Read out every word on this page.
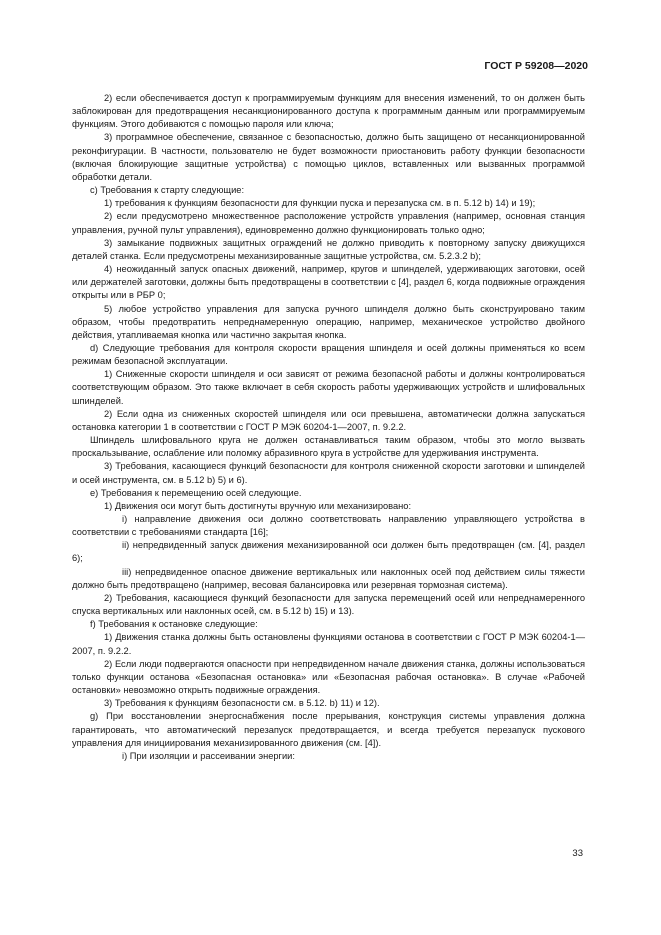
ГОСТ Р 59208—2020

2) если обеспечивается доступ к программируемым функциям для внесения изменений, то он должен быть заблокирован для предотвращения несанкционированного доступа к программным данным или программируемым функциям. Этого добиваются с помощью пароля или ключа;

3) программное обеспечение, связанное с безопасностью, должно быть защищено от несанкционированной реконфигурации. В частности, пользователю не будет возможности приостановить работу функции безопасности (включая блокирующие защитные устройства) с помощью циклов, вставленных или вызванных программой обработки детали.

c) Требования к старту следующие:

1) требования к функциям безопасности для функции пуска и перезапуска см. в п. 5.12 b) 14) и 19);

2) если предусмотрено множественное расположение устройств управления (например, основная станция управления, ручной пульт управления), единовременно должно функционировать только одно;

3) замыкание подвижных защитных ограждений не должно приводить к повторному запуску движущихся деталей станка. Если предусмотрены механизированные защитные устройства, см. 5.2.3.2 b);

4) неожиданный запуск опасных движений, например, кругов и шпинделей, удерживающих заготовки, осей или держателей заготовки, должны быть предотвращены в соответствии с [4], раздел 6, когда подвижные ограждения открыты или в РБР 0;

5) любое устройство управления для запуска ручного шпинделя должно быть сконструировано таким образом, чтобы предотвратить непреднамеренную операцию, например, механическое устройство двойного действия, утапливаемая кнопка или частично закрытая кнопка.

d) Следующие требования для контроля скорости вращения шпинделя и осей должны применяться ко всем режимам безопасной эксплуатации.

1) Сниженные скорости шпинделя и оси зависят от режима безопасной работы и должны контролироваться соответствующим образом. Это также включает в себя скорость работы удерживающих устройств и шлифовальных шпинделей.

2) Если одна из сниженных скоростей шпинделя или оси превышена, автоматически должна запускаться остановка категории 1 в соответствии с ГОСТ Р МЭК 60204-1—2007, п. 9.2.2.

Шпиндель шлифовального круга не должен останавливаться таким образом, чтобы это могло вызвать проскальзывание, ослабление или поломку абразивного круга в устройстве для удерживания инструмента.

3) Требования, касающиеся функций безопасности для контроля сниженной скорости заготовки и шпинделей и осей инструмента, см. в 5.12 b) 5) и 6).

e) Требования к перемещению осей следующие.

1) Движения оси могут быть достигнуты вручную или механизировано:

i) направление движения оси должно соответствовать направлению управляющего устройства в соответствии с требованиями стандарта [16];

ii) непредвиденный запуск движения механизированной оси должен быть предотвращен (см. [4], раздел 6);

iii) непредвиденное опасное движение вертикальных или наклонных осей под действием силы тяжести должно быть предотвращено (например, весовая балансировка или резервная тормозная система).

2) Требования, касающиеся функций безопасности для запуска перемещений осей или непреднамеренного спуска вертикальных или наклонных осей, см. в 5.12 b) 15) и 13).

f) Требования к остановке следующие:

1) Движения станка должны быть остановлены функциями останова в соответствии с ГОСТ Р МЭК 60204-1—2007, п. 9.2.2.

2) Если люди подвергаются опасности при непредвиденном начале движения станка, должны использоваться только функции останова «Безопасная остановка» или «Безопасная рабочая остановка». В случае «Рабочей остановки» невозможно открыть подвижные ограждения.

3) Требования к функциям безопасности см. в 5.12. b) 11) и 12).

g) При восстановлении энергоснабжения после прерывания, конструкция системы управления должна гарантировать, что автоматический перезапуск предотвращается, и всегда требуется перезапуск пускового управления для инициирования механизированного движения (см. [4]).

i) При изоляции и рассеивании энергии:

33
